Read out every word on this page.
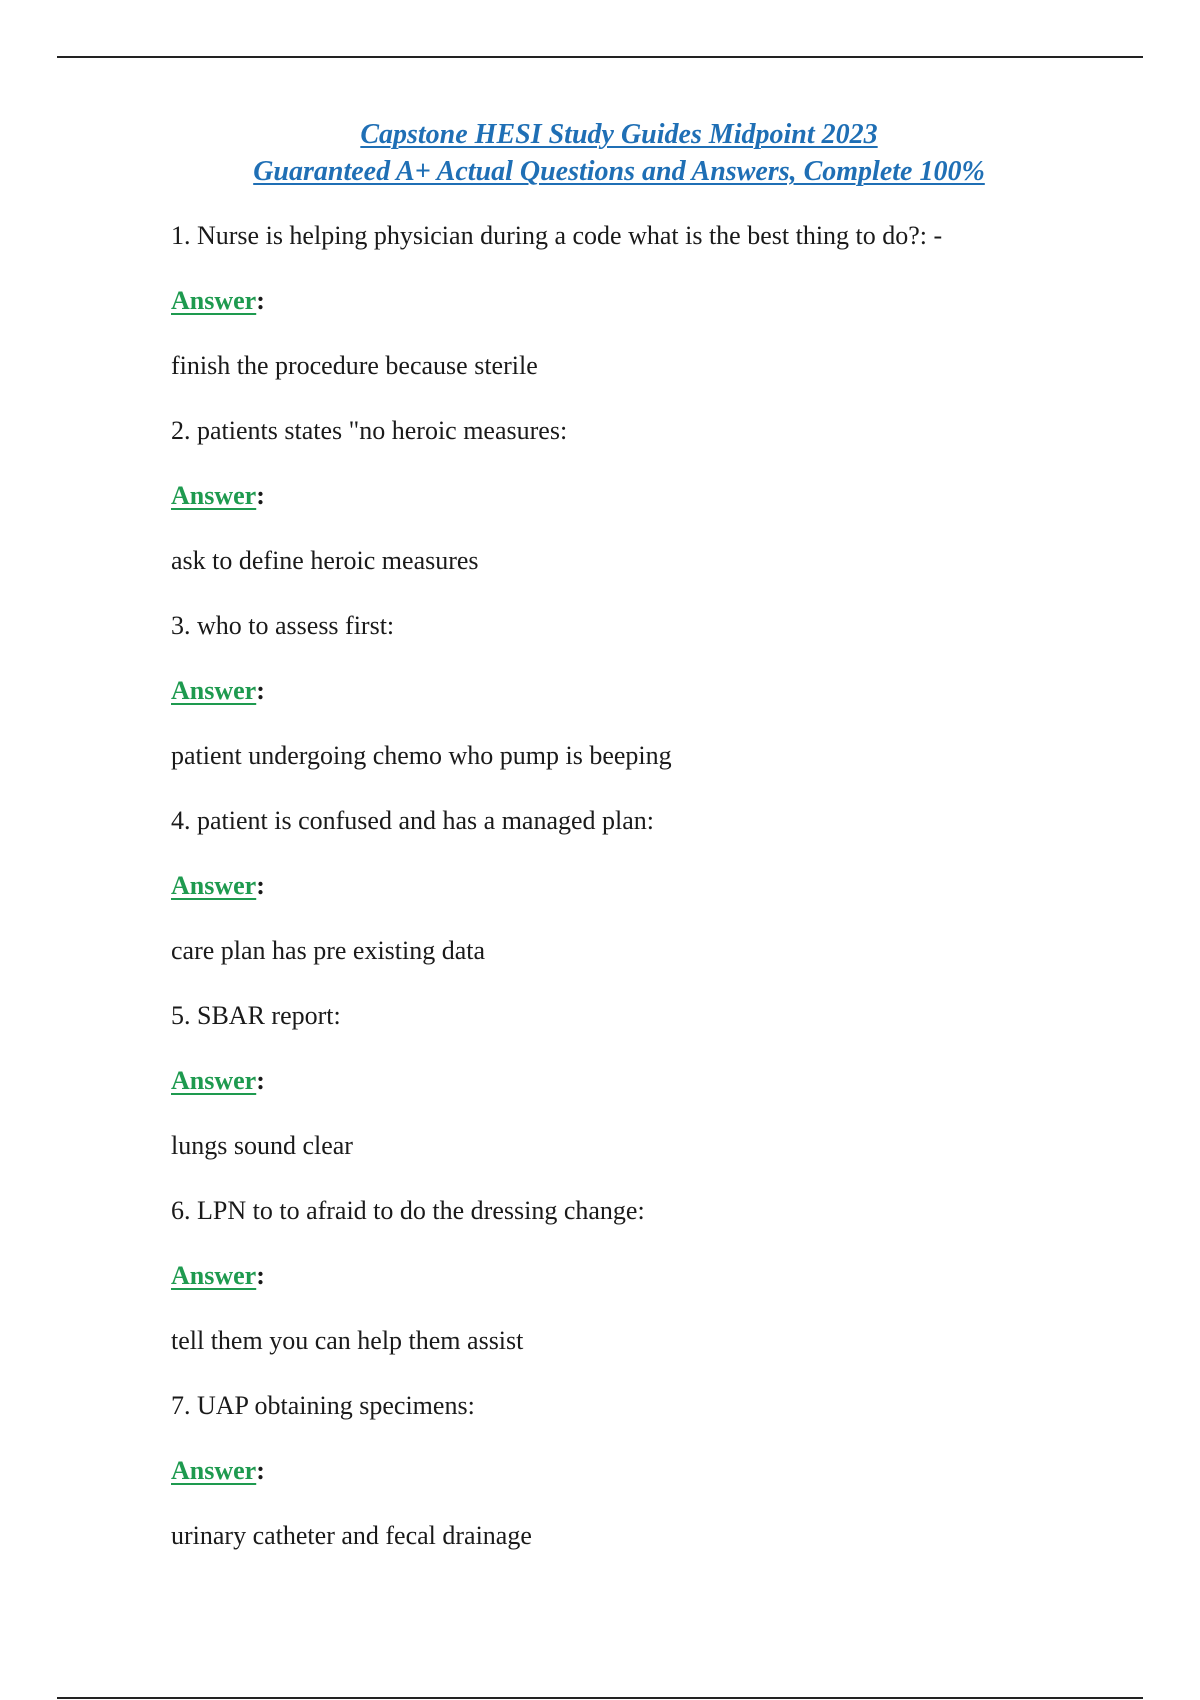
Capstone HESI Study Guides Midpoint 2023
Guaranteed A+ Actual Questions and Answers, Complete 100%
1. Nurse is helping physician during a code what is the best thing to do?: -
Answer:
finish the procedure because sterile
2. patients states "no heroic measures:
Answer:
ask to define heroic measures
3. who to assess first:
Answer:
patient undergoing chemo who pump is beeping
4. patient is confused and has a managed plan:
Answer:
care plan has pre existing data
5. SBAR report:
Answer:
lungs sound clear
6. LPN to to afraid to do the dressing change:
Answer:
tell them you can help them assist
7. UAP obtaining specimens:
Answer:
urinary catheter and fecal drainage
